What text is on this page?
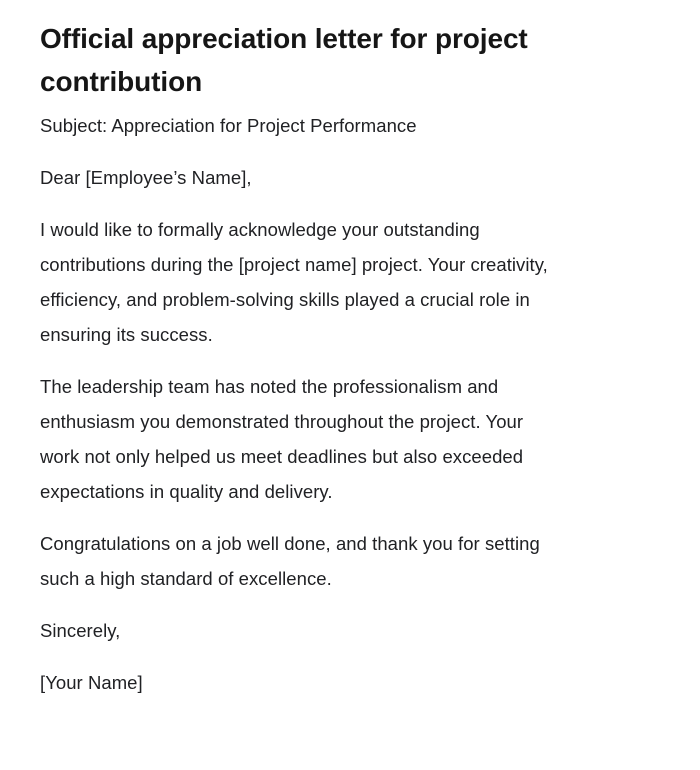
Official appreciation letter for project
contribution

Subject: Appreciation for Project Performance

Dear [Employee’s Name],

I would like to formally acknowledge your outstanding
contributions during the [project name] project. Your creativity,
efficiency, and problem-solving skills played a crucial role in
ensuring its success.

The leadership team has noted the professionalism and
enthusiasm you demonstrated throughout the project. Your
work not only helped us meet deadlines but also exceeded
expectations in quality and delivery.

Congratulations on a job well done, and thank you for setting
such a high standard of excellence.

Sincerely,

[Your Name]
